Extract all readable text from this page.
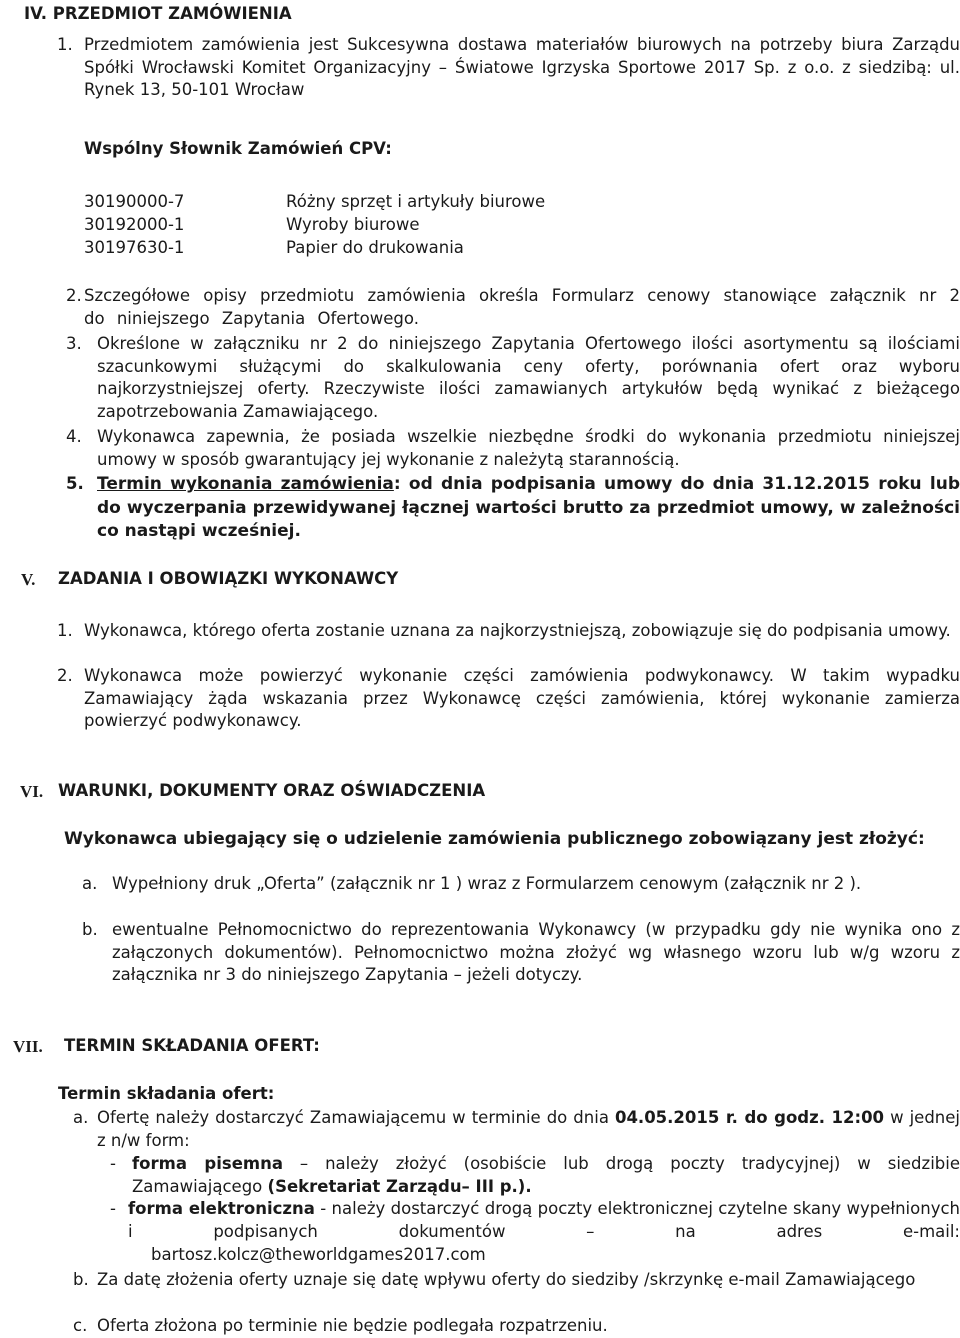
IV. PRZEDMIOT ZAMÓWIENIA
1. Przedmiotem zamówienia jest Sukcesywna dostawa materiałów biurowych na potrzeby biura Zarządu Spółki Wrocławski Komitet Organizacyjny – Światowe Igrzyska Sportowe 2017 Sp. z o.o. z siedzibą: ul. Rynek 13, 50-101 Wrocław
Wspólny Słownik Zamówień CPV:
30190000-7	Różny sprzęt i artykuły biurowe
30192000-1	Wyroby biurowe
30197630-1	Papier do drukowania
2. Szczegółowe opisy przedmiotu zamówienia określa Formularz cenowy stanowiące załącznik nr 2 do niniejszego Zapytania Ofertowego.
3. Określone w załączniku nr 2 do niniejszego Zapytania Ofertowego ilości asortymentu są ilościami szacunkowymi służącymi do skalkulowania ceny oferty, porównania ofert oraz wyboru najkorzystniejszej oferty. Rzeczywiste ilości zamawianych artykułów będą wynikać z bieżącego zapotrzebowania Zamawiającego.
4. Wykonawca zapewnia, że posiada wszelkie niezbędne środki do wykonania przedmiotu niniejszej umowy w sposób gwarantujący jej wykonanie z należytą starannością.
5. Termin wykonania zamówienia: od dnia podpisania umowy do dnia 31.12.2015 roku lub do wyczerpania przewidywanej łącznej wartości brutto za przedmiot umowy, w zależności co nastąpi wcześniej.
V. ZADANIA I OBOWIĄZKI WYKONAWCY
1. Wykonawca, którego oferta zostanie uznana za najkorzystniejszą, zobowiązuje się do podpisania umowy.
2. Wykonawca może powierzyć wykonanie części zamówienia podwykonawcy. W takim wypadku Zamawiający żąda wskazania przez Wykonawcę części zamówienia, której wykonanie zamierza powierzyć podwykonawcy.
VI. WARUNKI, DOKUMENTY ORAZ OŚWIADCZENIA
Wykonawca ubiegający się o udzielenie zamówienia publicznego zobowiązany jest złożyć:
a. Wypełniony druk „Oferta” (załącznik nr 1 ) wraz z Formularzem cenowym (załącznik nr 2 ).
b. ewentualne Pełnomocnictwo do reprezentowania Wykonawcy (w przypadku gdy nie wynika ono z załączonych dokumentów). Pełnomocnictwo można złożyć wg własnego wzoru lub w/g wzoru z załącznika nr 3 do niniejszego Zapytania – jeżeli dotyczy.
VII. TERMIN SKŁADANIA OFERT:
Termin składania ofert:
a. Ofertę należy dostarczyć Zamawiającemu w terminie do dnia 04.05.2015 r. do godz. 12:00 w jednej z n/w form:
- forma pisemna – należy złożyć (osobiście lub drogą poczty tradycyjnej) w siedzibie Zamawiającego (Sekretariat Zarządu– III p.).
- forma elektroniczna - należy dostarczyć drogą poczty elektronicznej czytelne skany wypełnionych i podpisanych dokumentów – na adres e-mail:
bartosz.kolcz@theworldgames2017.com
b. Za datę złożenia oferty uznaje się datę wpływu oferty do siedziby /skrzynkę e-mail Zamawiającego
c. Oferta złożona po terminie nie będzie podlegała rozpatrzeniu.
